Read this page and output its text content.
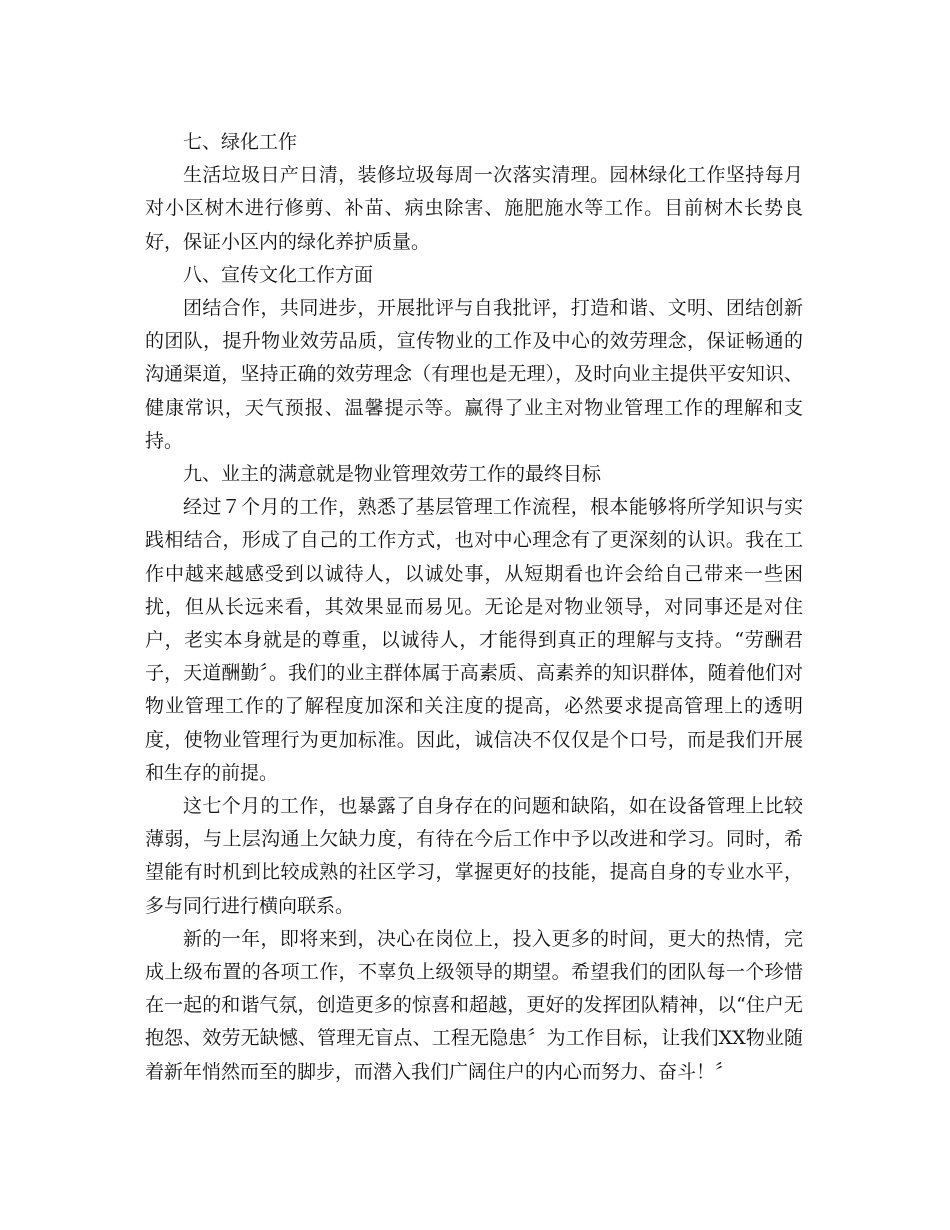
七、绿化工作

生活垃圾日产日清，装修垃圾每周一次落实清理。园林绿化工作坚持每月对小区树木进行修剪、补苗、病虫除害、施肥施水等工作。目前树木长势良好，保证小区内的绿化养护质量。

八、宣传文化工作方面

团结合作，共同进步，开展批评与自我批评，打造和谐、文明、团结创新的团队，提升物业效劳品质，宣传物业的工作及中心的效劳理念，保证畅通的沟通渠道，坚持正确的效劳理念（有理也是无理），及时向业主提供平安知识、健康常识，天气预报、温馨提示等。赢得了业主对物业管理工作的理解和支持。

九、业主的满意就是物业管理效劳工作的最终目标

经过７个月的工作，熟悉了基层管理工作流程，根本能够将所学知识与实践相结合，形成了自己的工作方式，也对中心理念有了更深刻的认识。我在工作中越来越感受到以诚待人，以诚处事，从短期看也许会给自己带来一些困扰，但从长远来看，其效果显而易见。无论是对物业领导，对同事还是对住户，老实本身就是的尊重，以诚待人，才能得到真正的理解与支持。“劳酬君子，天道酬勤〞。我们的业主群体属于高素质、高素养的知识群体，随着他们对物业管理工作的了解程度加深和关注度的提高，必然要求提高管理上的透明度，使物业管理行为更加标准。因此，诚信决不仅仅是个口号，而是我们开展和生存的前提。

这七个月的工作，也暴露了自身存在的问题和缺陷，如在设备管理上比较薄弱，与上层沟通上欠缺力度，有待在今后工作中予以改进和学习。同时，希望能有时机到比较成熟的社区学习，掌握更好的技能，提高自身的专业水平，多与同行进行横向联系。

新的一年，即将来到，决心在岗位上，投入更多的时间，更大的热情，完成上级布置的各项工作，不辜负上级领导的期望。希望我们的团队每一个珍惜在一起的和谐气氛，创造更多的惊喜和超越，更好的发挥团队精神，以“住户无抱怨、效劳无缺憾、管理无盲点、工程无隐患〞为工作目标，让我们XX物业随着新年悄然而至的脚步，而潜入我们广阔住户的内心而努力、奋斗！〞
